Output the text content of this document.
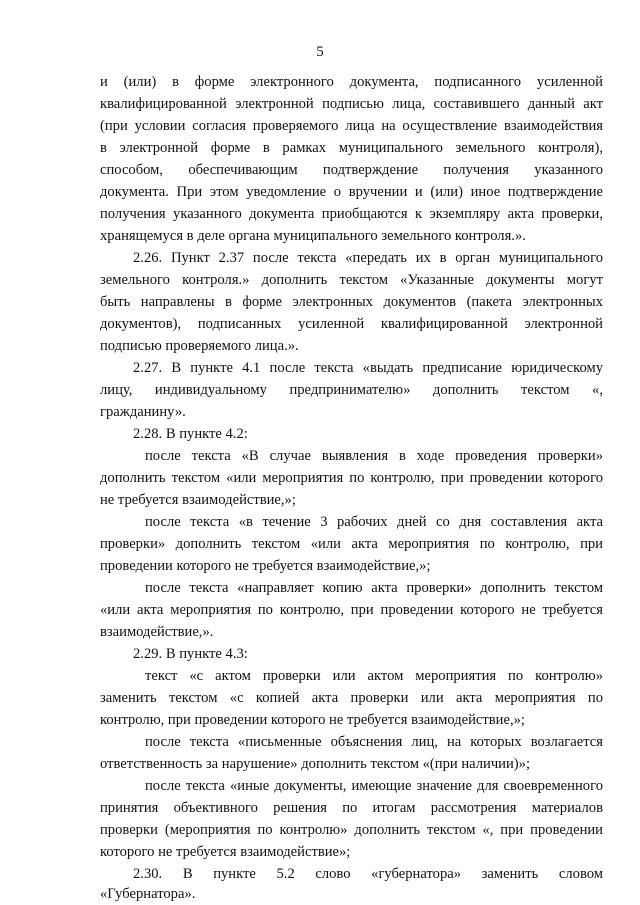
5
и (или) в форме электронного документа, подписанного усиленной
квалифицированной электронной подписью лица, составившего данный акт
(при условии согласия проверяемого лица на осуществление взаимодействия
в электронной форме в рамках муниципального земельного контроля),
способом, обеспечивающим подтверждение получения указанного
документа. При этом уведомление о вручении и (или) иное подтверждение
получения указанного документа приобщаются к экземпляру акта проверки,
хранящемуся в деле органа муниципального земельного контроля.».
2.26. Пункт 2.37 после текста «передать их в орган муниципального
земельного контроля.» дополнить текстом «Указанные документы могут
быть направлены в форме электронных документов (пакета электронных
документов), подписанных усиленной квалифицированной электронной
подписью проверяемого лица.».
2.27. В пункте 4.1 после текста «выдать предписание юридическому
лицу, индивидуальному предпринимателю» дополнить текстом «,
гражданину».
2.28. В пункте 4.2:
после текста «В случае выявления в ходе проведения проверки»
дополнить текстом «или мероприятия по контролю, при проведении которого
не требуется взаимодействие,»;
после текста «в течение 3 рабочих дней со дня составления акта
проверки» дополнить текстом «или акта мероприятия по контролю, при
проведении которого не требуется взаимодействие,»;
после текста «направляет копию акта проверки» дополнить текстом
«или акта мероприятия по контролю, при проведении которого не требуется
взаимодействие,».
2.29. В пункте 4.3:
текст «с актом проверки или актом мероприятия по контролю»
заменить текстом «с копией акта проверки или акта мероприятия по
контролю, при проведении которого не требуется взаимодействие,»;
после текста «письменные объяснения лиц, на которых возлагается
ответственность за нарушение» дополнить текстом «(при наличии)»;
после текста «иные документы, имеющие значение для своевременного
принятия объективного решения по итогам рассмотрения материалов
проверки (мероприятия по контролю» дополнить текстом «, при проведении
которого не требуется взаимодействие»;
2.30. В пункте 5.2 слово «губернатора» заменить словом
«Губернатора».
